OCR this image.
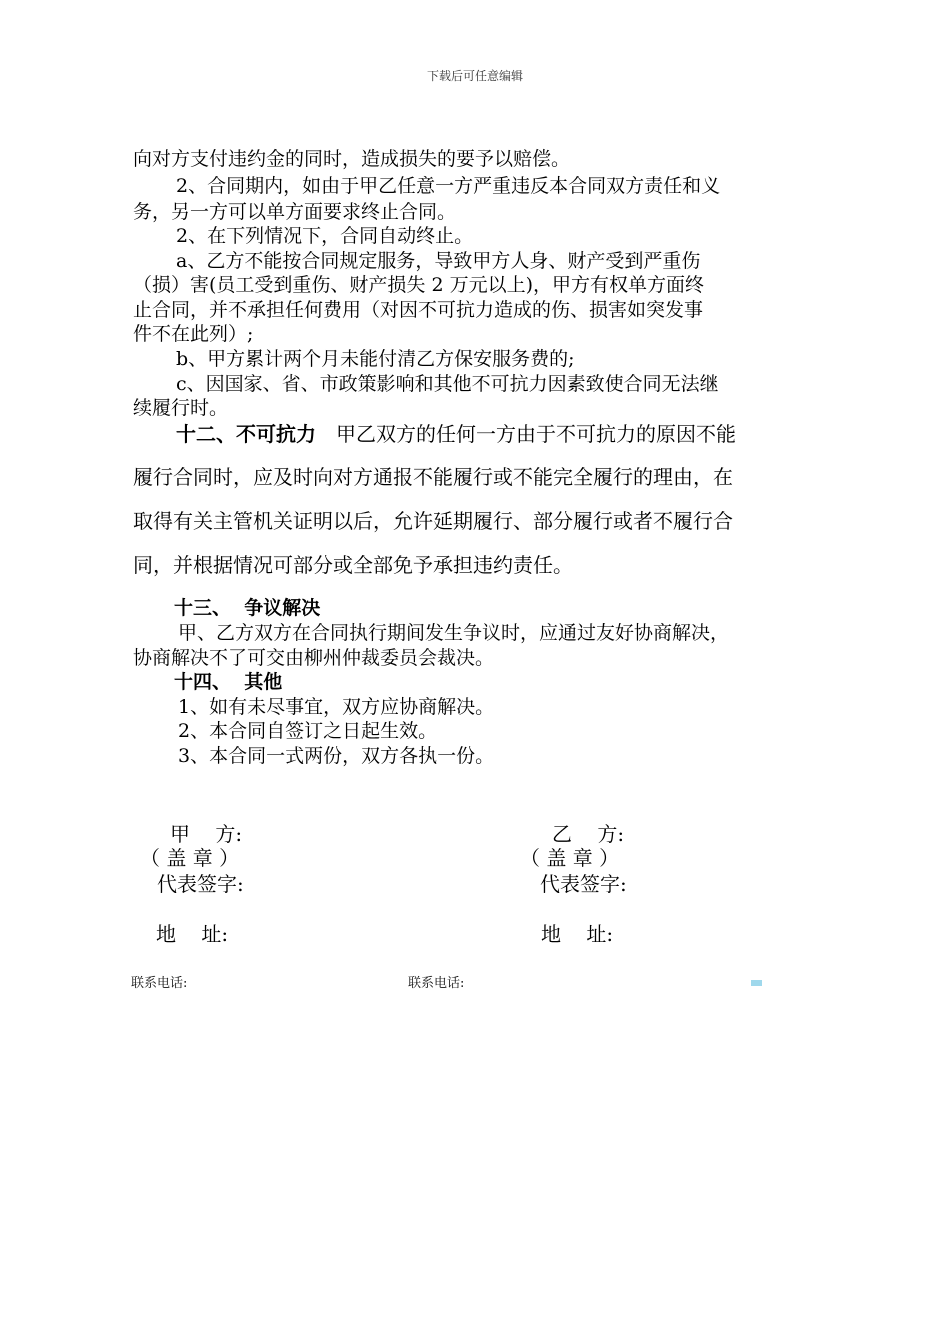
下载后可任意编辑
向对方支付违约金的同时，造成损失的要予以赔偿。
2、合同期内，如由于甲乙任意一方严重违反本合同双方责任和义
务，另一方可以单方面要求终止合同。
2、在下列情况下，合同自动终止。
a、乙方不能按合同规定服务，导致甲方人身、财产受到严重伤
（损）害(员工受到重伤、财产损失 2 万元以上)，甲方有权单方面终
止合同，并不承担任何费用（对因不可抗力造成的伤、损害如突发事
件不在此列）;
b、甲方累计两个月未能付清乙方保安服务费的;
c、因国家、省、市政策影响和其他不可抗力因素致使合同无法继
续履行时。
十二、不可抗力 甲乙双方的任何一方由于不可抗力的原因不能
履行合同时，应及时向对方通报不能履行或不能完全履行的理由，在
取得有关主管机关证明以后，允许延期履行、部分履行或者不履行合
同，并根据情况可部分或全部免予承担违约责任。
十三、  争议解决
甲、乙方双方在合同执行期间发生争议时，应通过友好协商解决，
协商解决不了可交由柳州仲裁委员会裁决。
十四、  其他
1、如有未尽事宜，双方应协商解决。
2、本合同自签订之日起生效。
3、本合同一式两份，双方各执一份。
甲    方:	乙    方:
（ 盖 章 ）	（ 盖 章 ）
代表签字:	代表签字:
地    址:	地    址:
联系电话:	联系电话:
